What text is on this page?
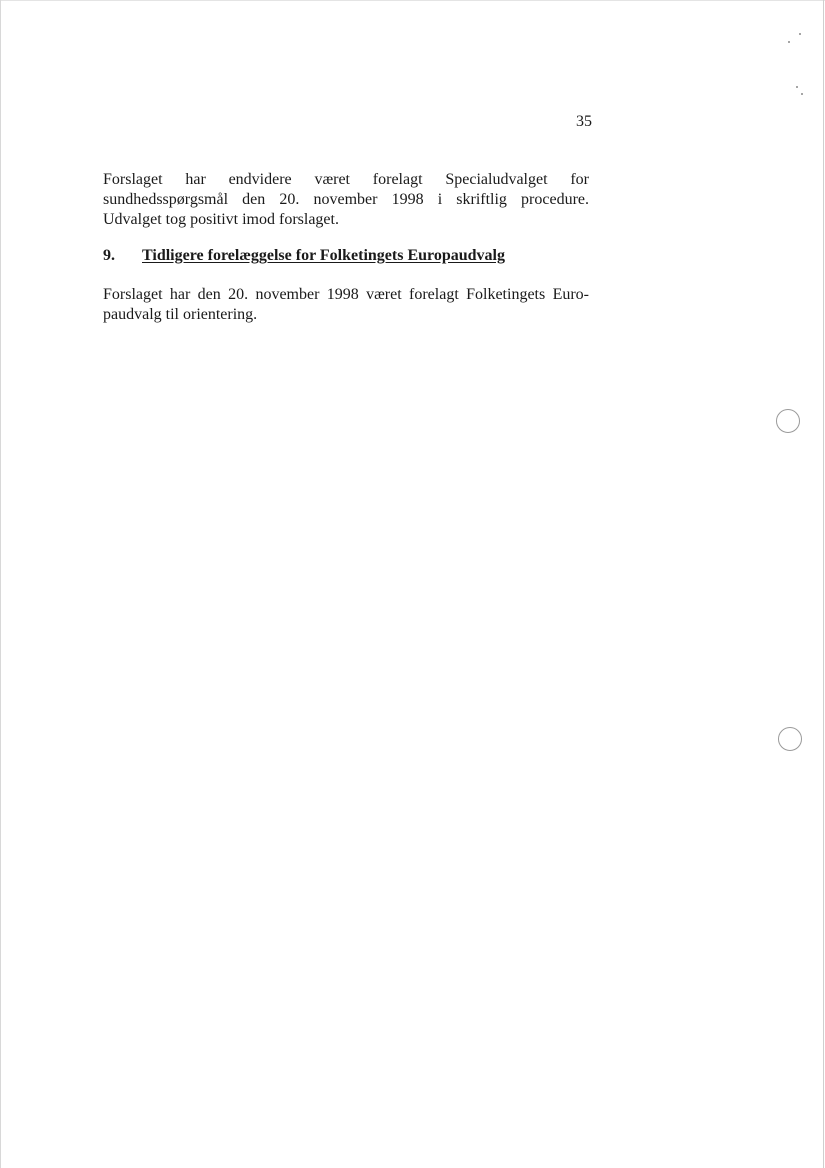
35

Forslaget har endvidere været forelagt Specialudvalget for
sundhedsspørgsmål den 20. november 1998 i skriftlig procedure.
Udvalget tog positivt imod forslaget.

9. Tidligere forelæggelse for Folketingets Europaudvalg

Forslaget har den 20. november 1998 været forelagt Folketingets Euro-
paudvalg til orientering.
